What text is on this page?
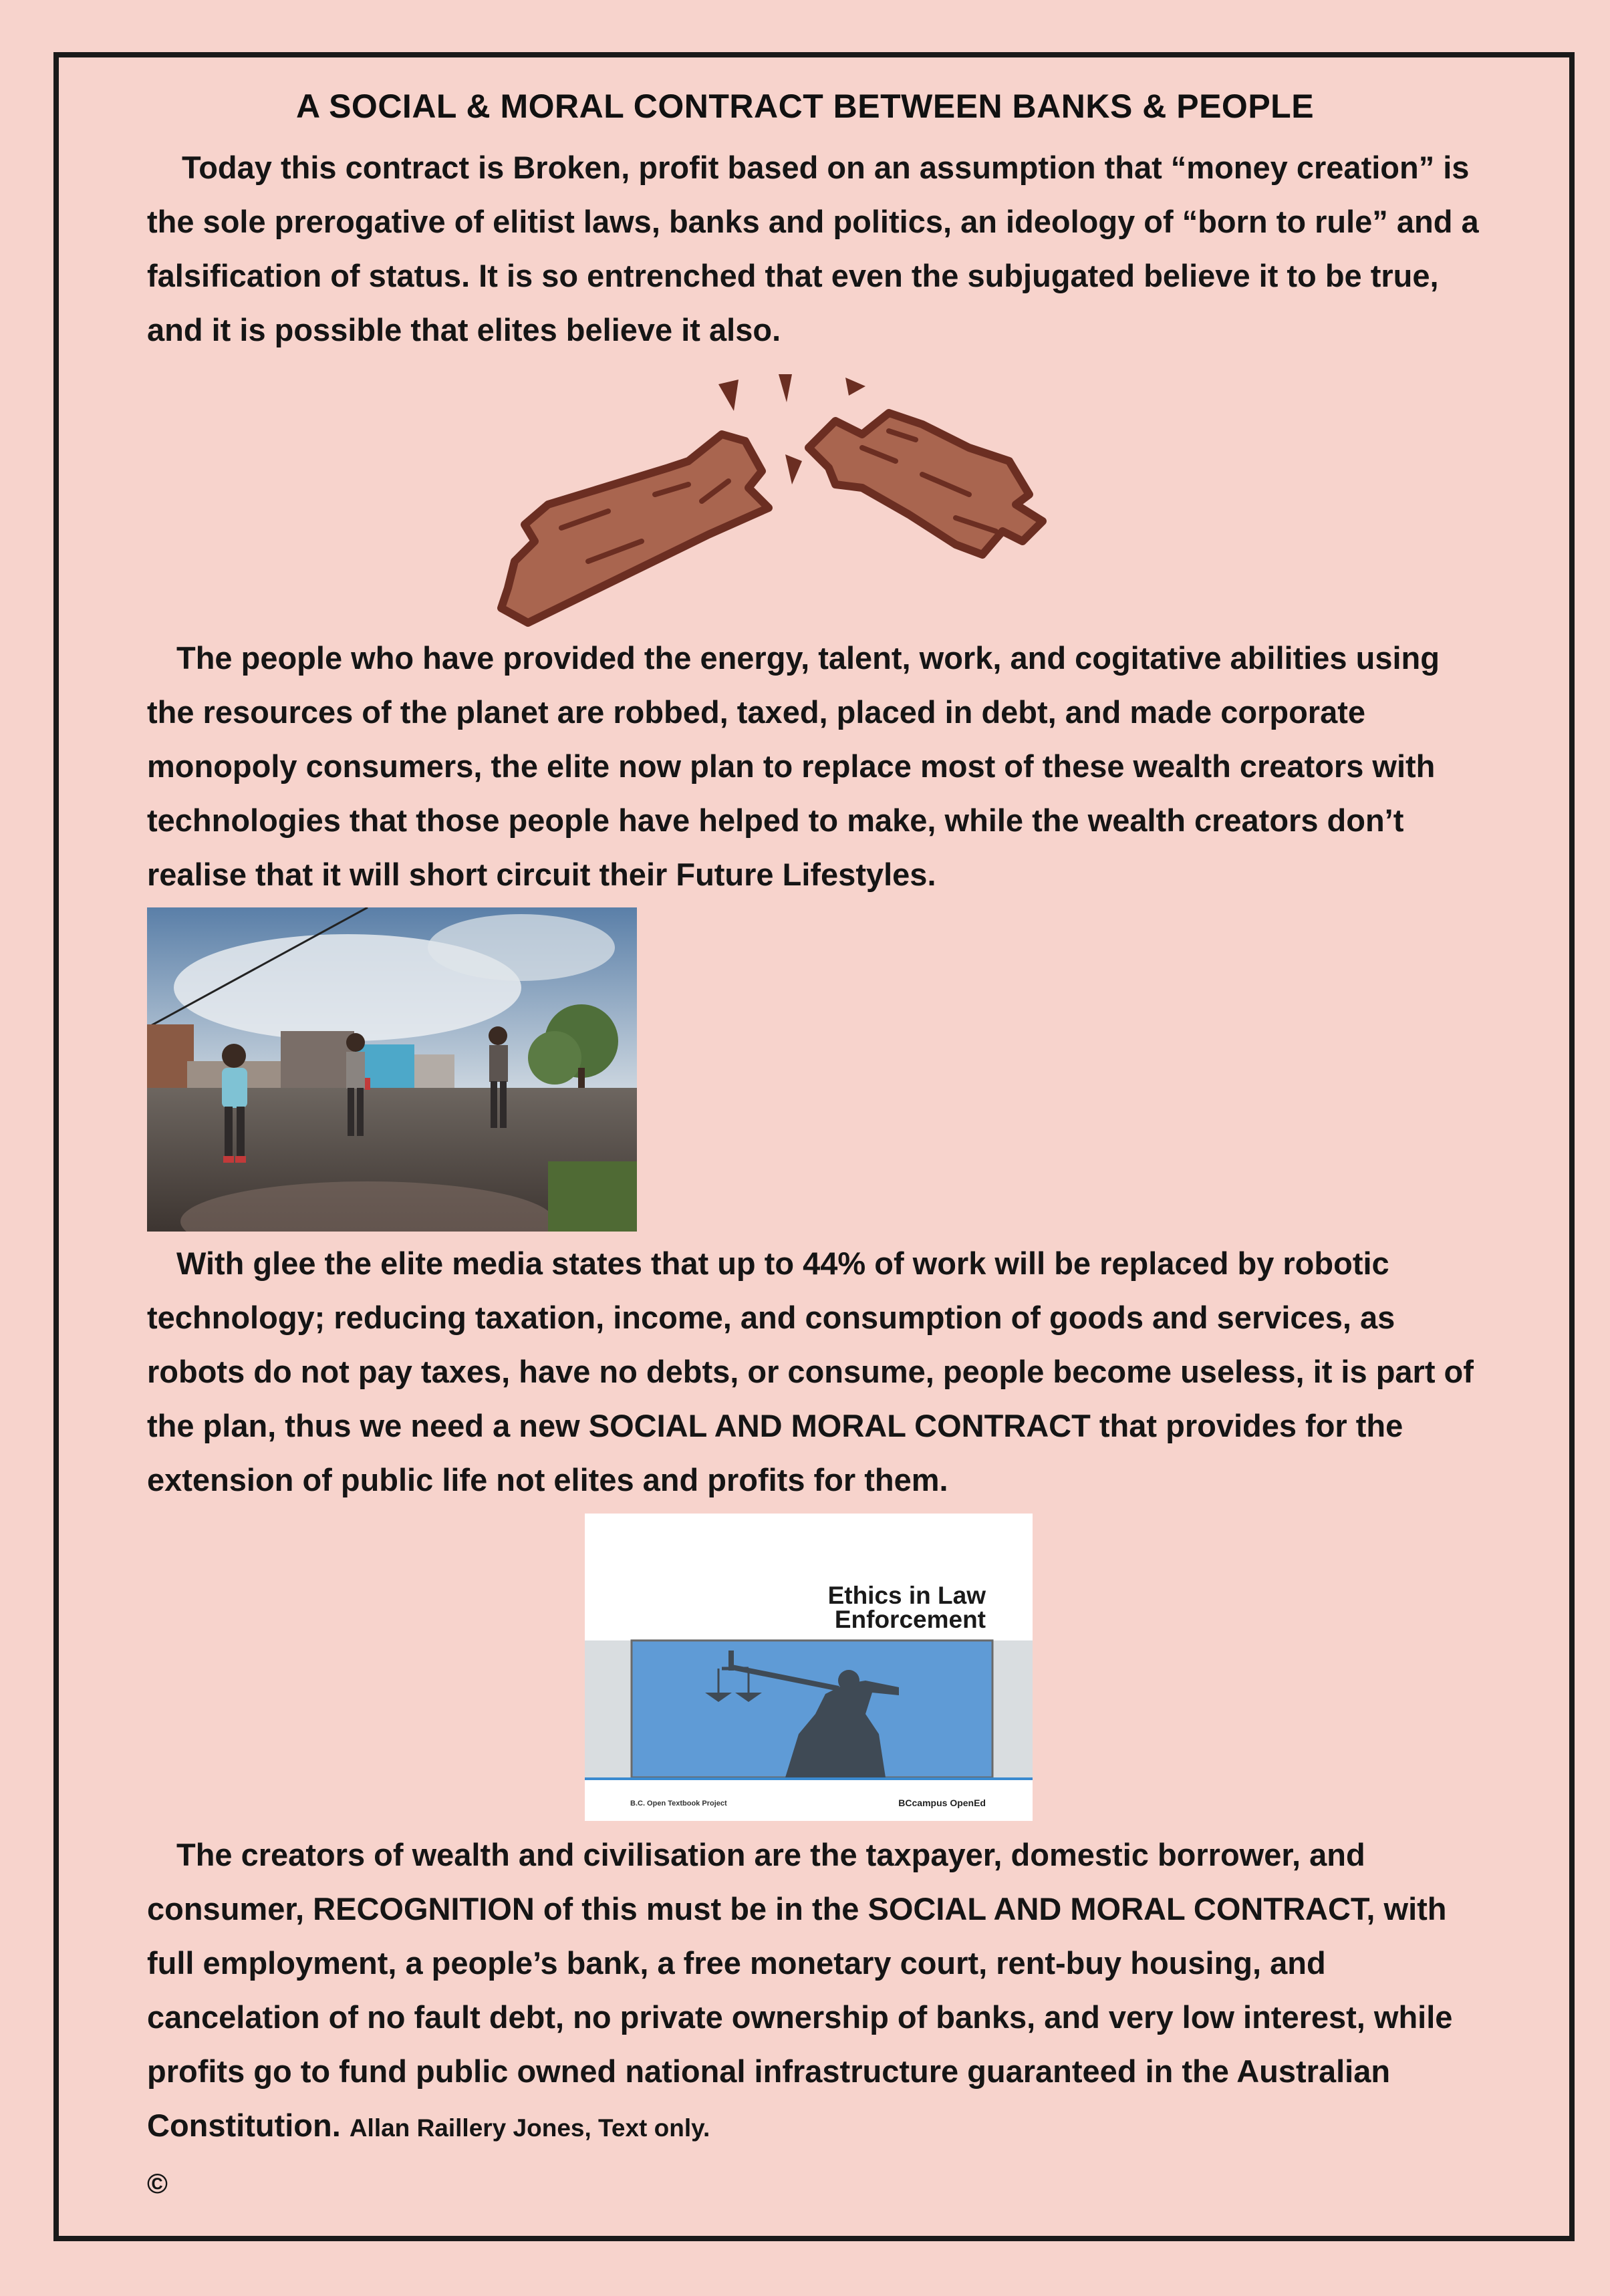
A SOCIAL & MORAL CONTRACT BETWEEN BANKS & PEOPLE
Today this contract is Broken, profit based on an assumption that “money creation” is the sole prerogative of elitist laws, banks and politics, an ideology of “born to rule” and a falsification of status. It is so entrenched that even the subjugated believe it to be true, and it is possible that elites believe it also.
The people who have provided the energy, talent, work, and cogitative abilities using the resources of the planet are robbed, taxed, placed in debt, and made corporate monopoly consumers, the elite now plan to replace most of these wealth creators with technologies that those people have helped to make, while the wealth creators don’t realise that it will short circuit their Future Lifestyles.
With glee the elite media states that up to 44% of work will be replaced by robotic technology; reducing taxation, income, and consumption of goods and services, as robots do not pay taxes, have no debts, or consume, people become useless, it is part of the plan, thus we need a new SOCIAL AND MORAL CONTRACT that provides for the extension of public life not elites and profits for them.
Ethics in Law
Enforcement
B.C. Open Textbook Project	BCcampus OpenEd
The creators of wealth and civilisation are the taxpayer, domestic borrower, and consumer, RECOGNITION of this must be in the SOCIAL AND MORAL CONTRACT, with full employment, a people’s bank, a free monetary court, rent-buy housing, and cancelation of no fault debt, no private ownership of banks, and very low interest, while profits go to fund public owned national infrastructure guaranteed in the Australian Constitution. Allan Raillery Jones, Text only.
©
